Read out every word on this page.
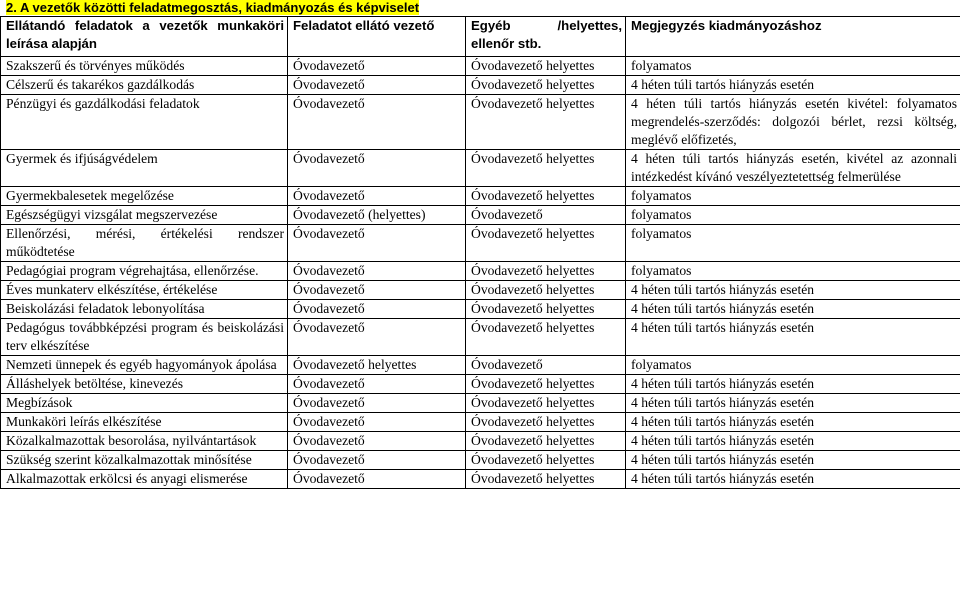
2. A vezetők közötti feladatmegosztás, kiadmányozás és képviselet
Ellátandó feladatok a vezetők munkaköri leírása alapján	Feladatot ellátó vezető	Egyéb /helyettes, ellenőr stb.	Megjegyzés kiadmányozáshoz
Szakszerű és törvényes működés	Óvodavezető	Óvodavezető helyettes	folyamatos
Célszerű és takarékos gazdálkodás	Óvodavezető	Óvodavezető helyettes	4 héten túli tartós hiányzás esetén
Pénzügyi és gazdálkodási feladatok	Óvodavezető	Óvodavezető helyettes	4 héten túli tartós hiányzás esetén kivétel: folyamatos megrendelés-szerződés: dolgozói bérlet, rezsi költség, meglévő előfizetés,
Gyermek és ifjúságvédelem	Óvodavezető	Óvodavezető helyettes	4 héten túli tartós hiányzás esetén, kivétel az azonnali intézkedést kívánó veszélyeztetettség felmerülése
Gyermekbalesetek megelőzése	Óvodavezető	Óvodavezető helyettes	folyamatos
Egészségügyi vizsgálat megszervezése	Óvodavezető (helyettes)	Óvodavezető	folyamatos
Ellenőrzési, mérési, értékelési rendszer működtetése	Óvodavezető	Óvodavezető helyettes	folyamatos
Pedagógiai program végrehajtása, ellenőrzése.	Óvodavezető	Óvodavezető helyettes	folyamatos
Éves munkaterv elkészítése, értékelése	Óvodavezető	Óvodavezető helyettes	4 héten túli tartós hiányzás esetén
Beiskolázási feladatok lebonyolítása	Óvodavezető	Óvodavezető helyettes	4 héten túli tartós hiányzás esetén
Pedagógus továbbképzési program és beiskolázási terv elkészítése	Óvodavezető	Óvodavezető helyettes	4 héten túli tartós hiányzás esetén
Nemzeti ünnepek és egyéb hagyományok ápolása	Óvodavezető helyettes	Óvodavezető	folyamatos
Álláshelyek betöltése, kinevezés	Óvodavezető	Óvodavezető helyettes	4 héten túli tartós hiányzás esetén
Megbízások	Óvodavezető	Óvodavezető helyettes	4 héten túli tartós hiányzás esetén
Munkaköri leírás elkészítése	Óvodavezető	Óvodavezető helyettes	4 héten túli tartós hiányzás esetén
Közalkalmazottak besorolása, nyilvántartások	Óvodavezető	Óvodavezető helyettes	4 héten túli tartós hiányzás esetén
Szükség szerint közalkalmazottak minősítése	Óvodavezető	Óvodavezető helyettes	4 héten túli tartós hiányzás esetén
Alkalmazottak erkölcsi és anyagi elismerése	Óvodavezető	Óvodavezető helyettes	4 héten túli tartós hiányzás esetén
